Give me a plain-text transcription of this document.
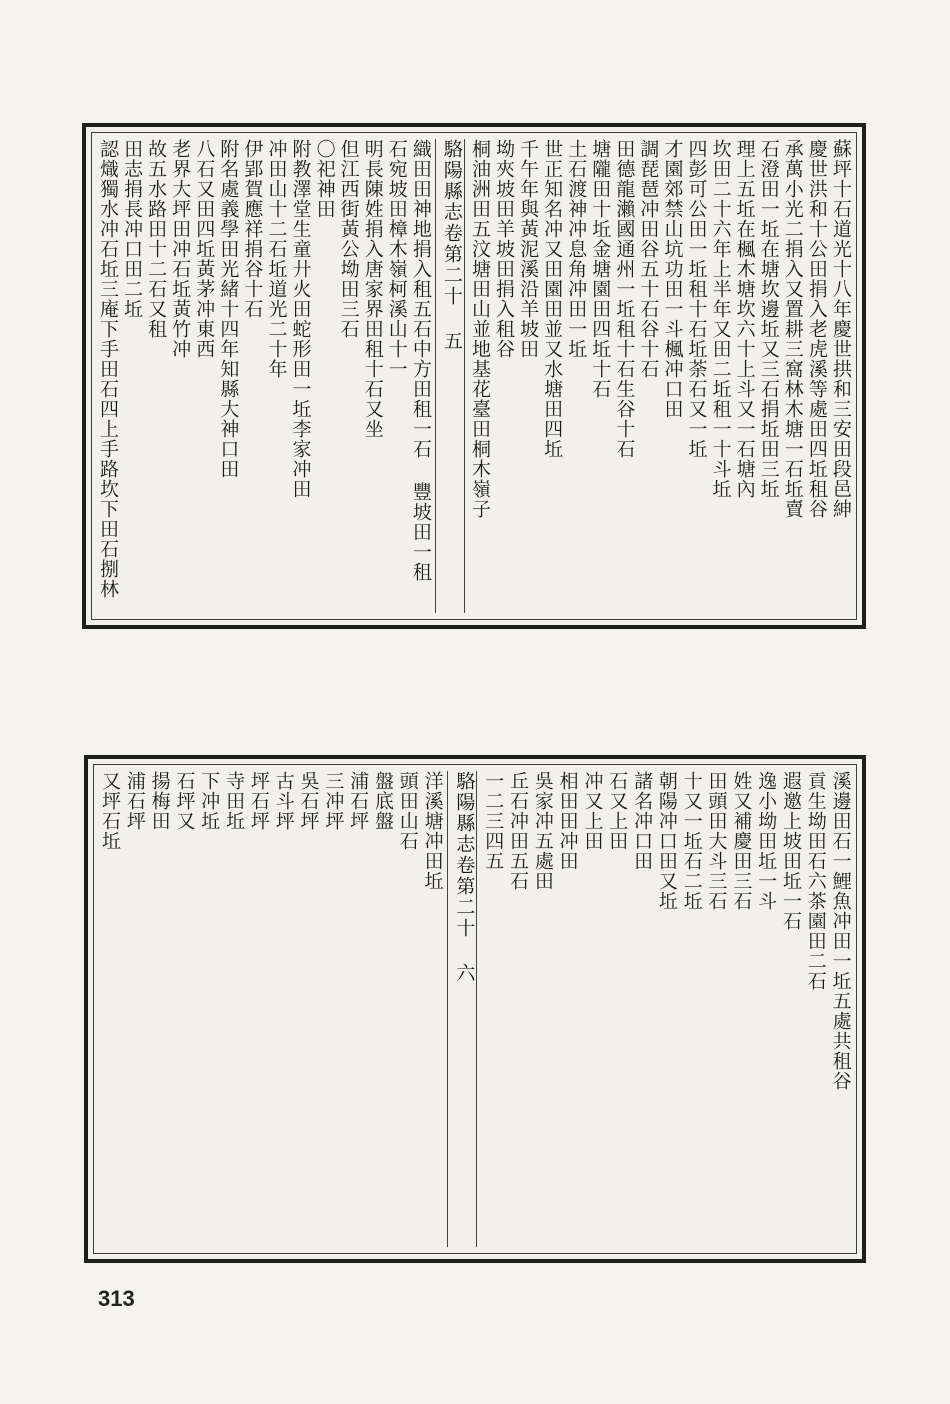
蘇坪十石道光十八年慶世拱和三安田段邑紳
慶世洪和十公田捐入老虎溪等處田四坵租谷
承萬小光二捐入又置耕三窩林木塘一石坵賣
石澄田一坵在塘坎邊坵又三石捐坵田三坵
理上五坵在楓木塘坎六十上斗又一石塘內
坎田二十六年上半年又田二坵租一十斗坵
四彭可公田一坵租十石坵荼石又一坵
才園郊禁山坑功田一斗楓冲口田
調琵琶冲田谷五十石谷十石
田德龍瀨國通州一坵租十石生谷十石
塘隴田十坵金塘園田四坵十石
土石渡神冲息角冲田一坵
世正知名冲又田園田並又水塘田四坵
千午年與黃泥溪沿羊坡田
坳夾坡田羊坡田捐入租谷
桐油洲田五汶塘田山並地基花臺田桐木嶺子
駱陽縣志卷第二十 五
織田田神地捐入租五石中方田租一石 豐坡田一租
石宛坡田樟木嶺柯溪山十一
明長陳姓捐入唐家界田租十石又坐
但江西街黃公坳田三石
〇祀神田
附教澤堂生童廾火田蛇形田一坵李家冲田
冲田山十二石坵道光二十年
伊郢賀應祥捐谷十石
附名處義學田光緒十四年知縣大神口田
八石又田四坵黃茅冲東西
老界大坪田冲石坵黃竹冲
故五水路田十二石又租
田志捐長冲口田二坵
認熾獨水冲石坵三庵下手田石四上手路坎下田石捌林
溪邊田石一鯉魚冲田一坵五處共租谷
貢生坳田石六茶園田二石
遐邀上坡田坵一石
逸小坳田坵一斗
姓又補慶田三石
田頭田大斗三石
十又一坵石二坵
朝陽冲口田又坵
諸名冲口田
石又上田
冲又上田
相田田冲田
吳家冲五處田
丘石冲田五石
一二三四五
駱陽縣志卷第二十 六
洋溪塘冲田坵
頭田山石
盤底盤
浦石坪
三冲坪
吳石坪
古斗坪
坪石坪
寺田坵
下冲坵
石坪又
揚梅田
浦石坪
又坪石坵
313
